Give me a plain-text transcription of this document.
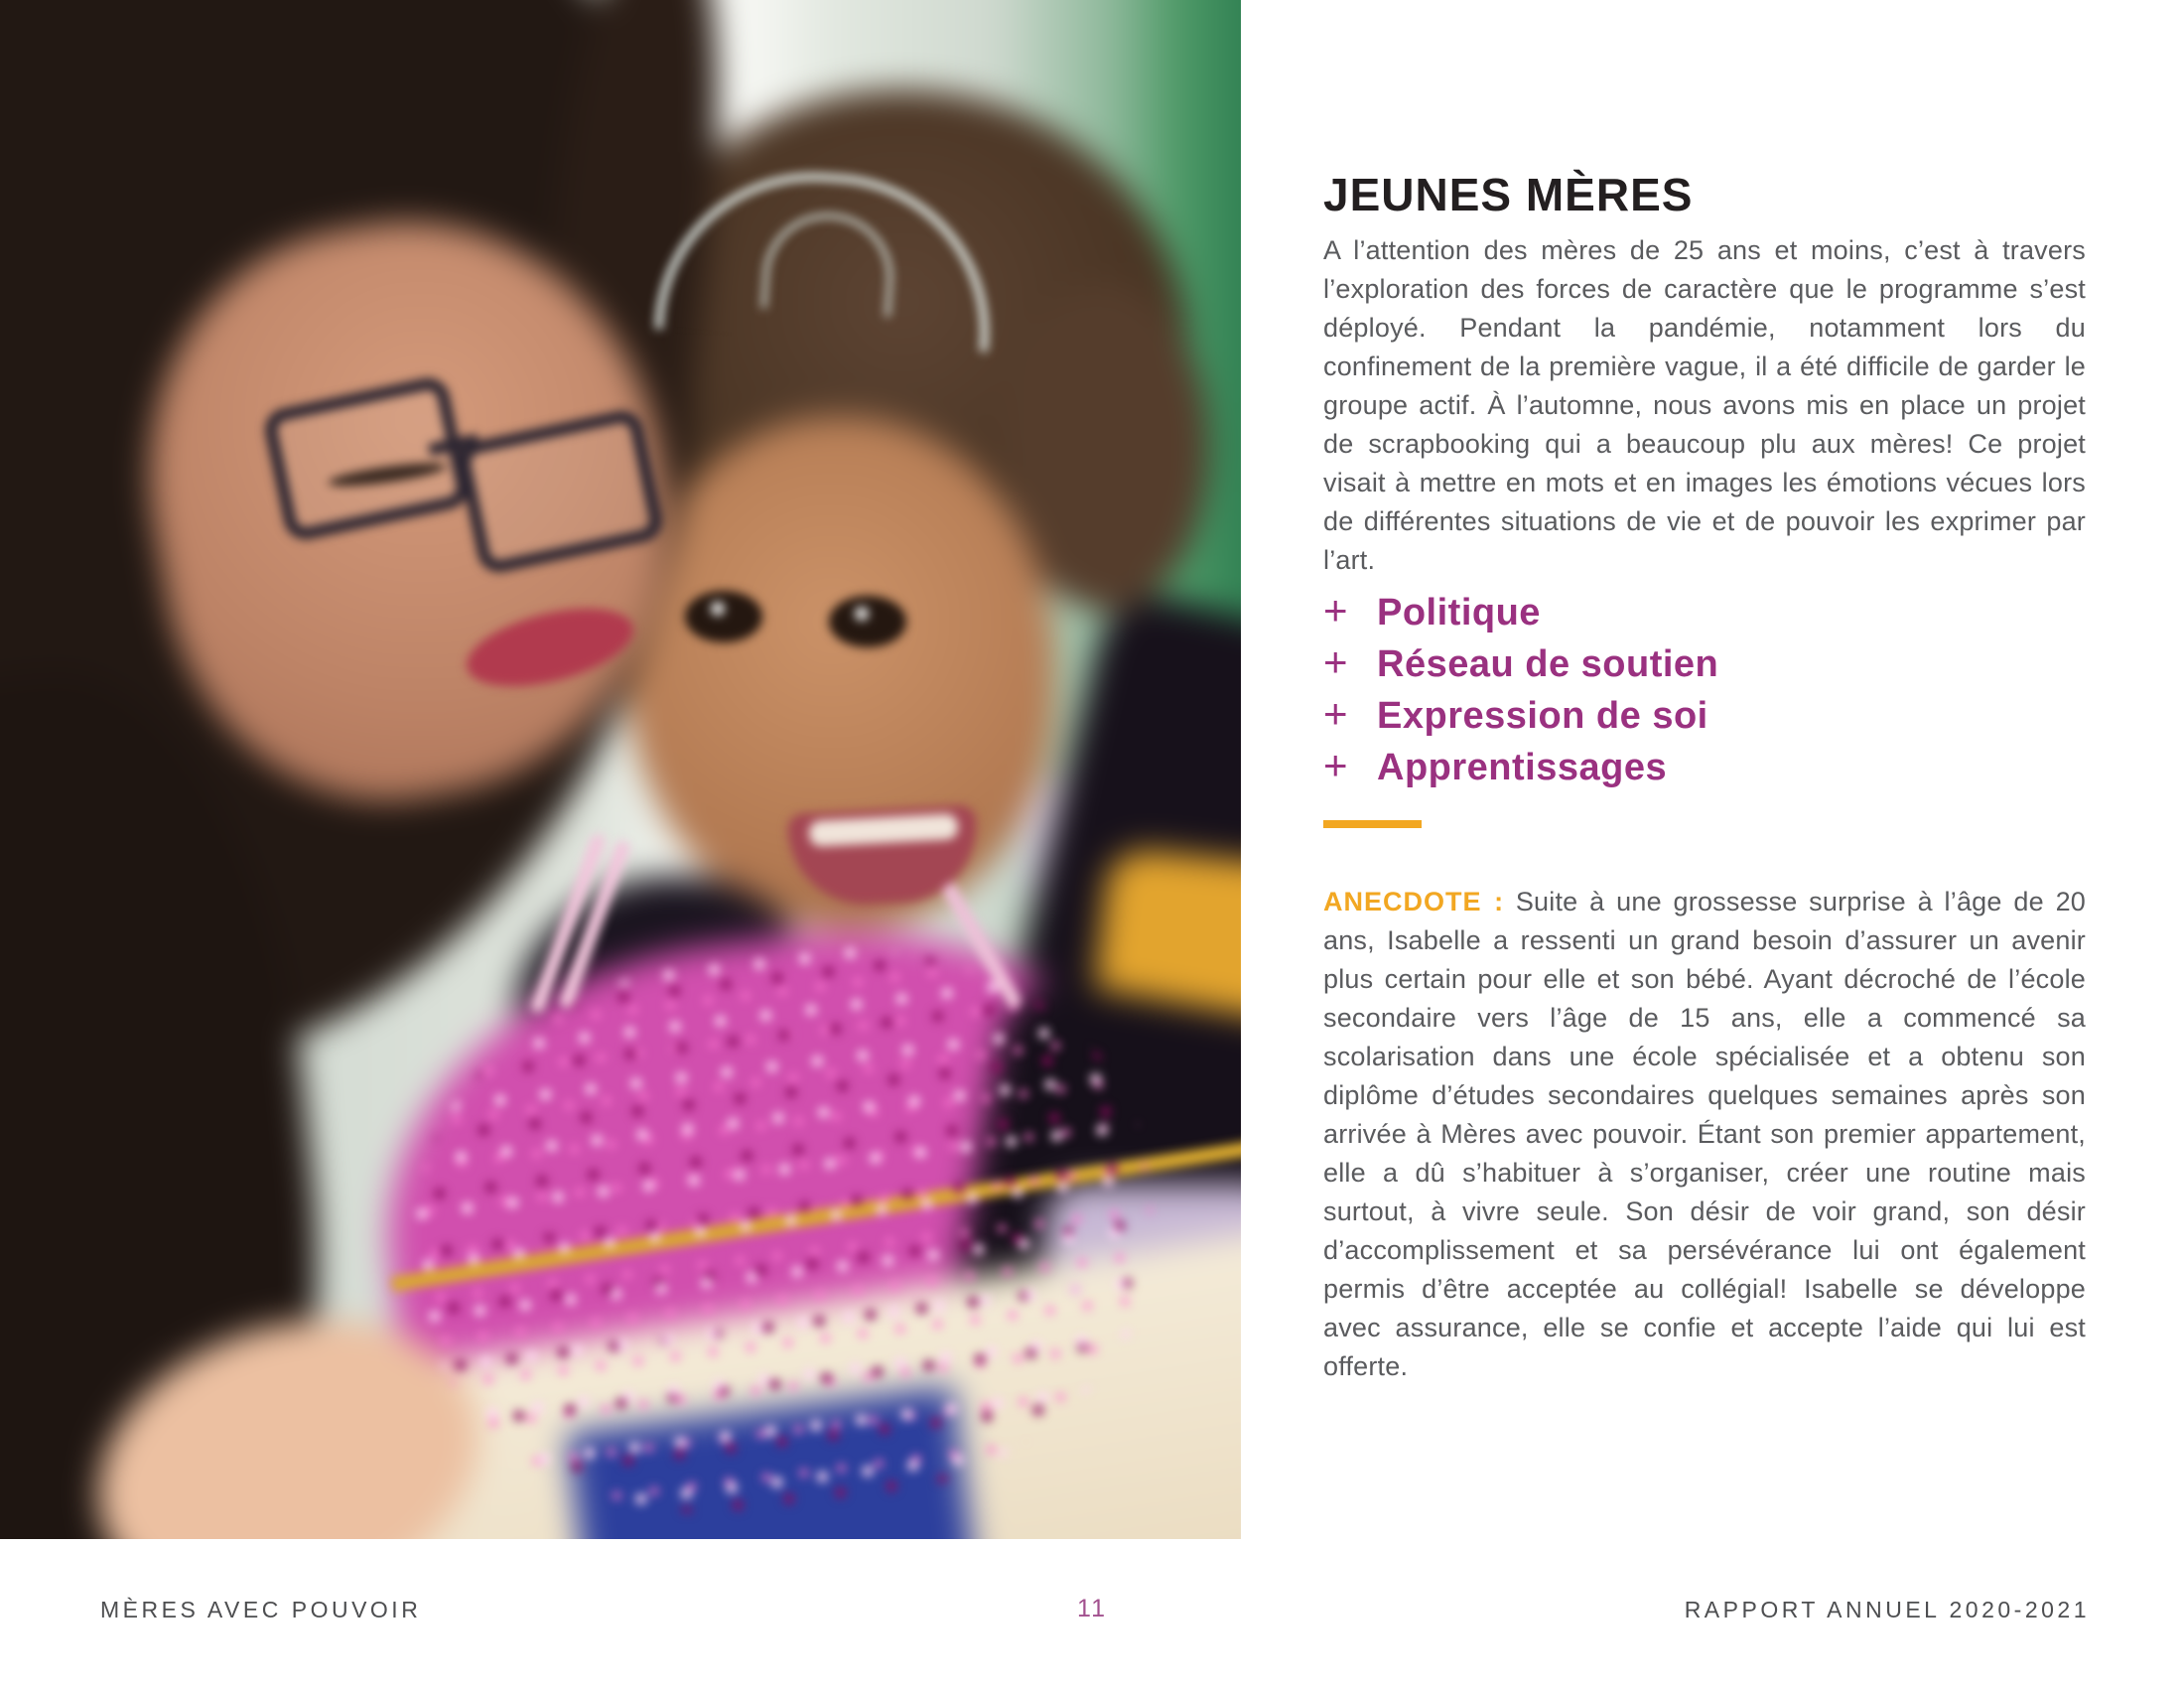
JEUNES MÈRES

A l’attention des mères de 25 ans et moins, c’est à travers l’exploration des forces de caractère que le programme s’est déployé. Pendant la pandémie, notamment lors du confinement de la première vague, il a été difficile de garder le groupe actif. À l’automne, nous avons mis en place un projet de scrapbooking qui a beaucoup plu aux mères! Ce projet visait à mettre en mots et en images les émotions vécues lors de différentes situations de vie et de pouvoir les exprimer par l’art.

+ Politique
+ Réseau de soutien
+ Expression de soi
+ Apprentissages

ANECDOTE : Suite à une grossesse surprise à l’âge de 20 ans, Isabelle a ressenti un grand besoin d’assurer un avenir plus certain pour elle et son bébé. Ayant décroché de l’école secondaire vers l’âge de 15 ans, elle a commencé sa scolarisation dans une école spécialisée et a obtenu son diplôme d’études secondaires quelques semaines après son arrivée à Mères avec pouvoir. Étant son premier appartement, elle a dû s’habituer à s’organiser, créer une routine mais surtout, à vivre seule. Son désir de voir grand, son désir d’accomplissement et sa persévérance lui ont également permis d’être acceptée au collégial! Isabelle se développe avec assurance, elle se confie et accepte l’aide qui lui est offerte.

MÈRES AVEC POUVOIR	11	RAPPORT ANNUEL 2020-2021
